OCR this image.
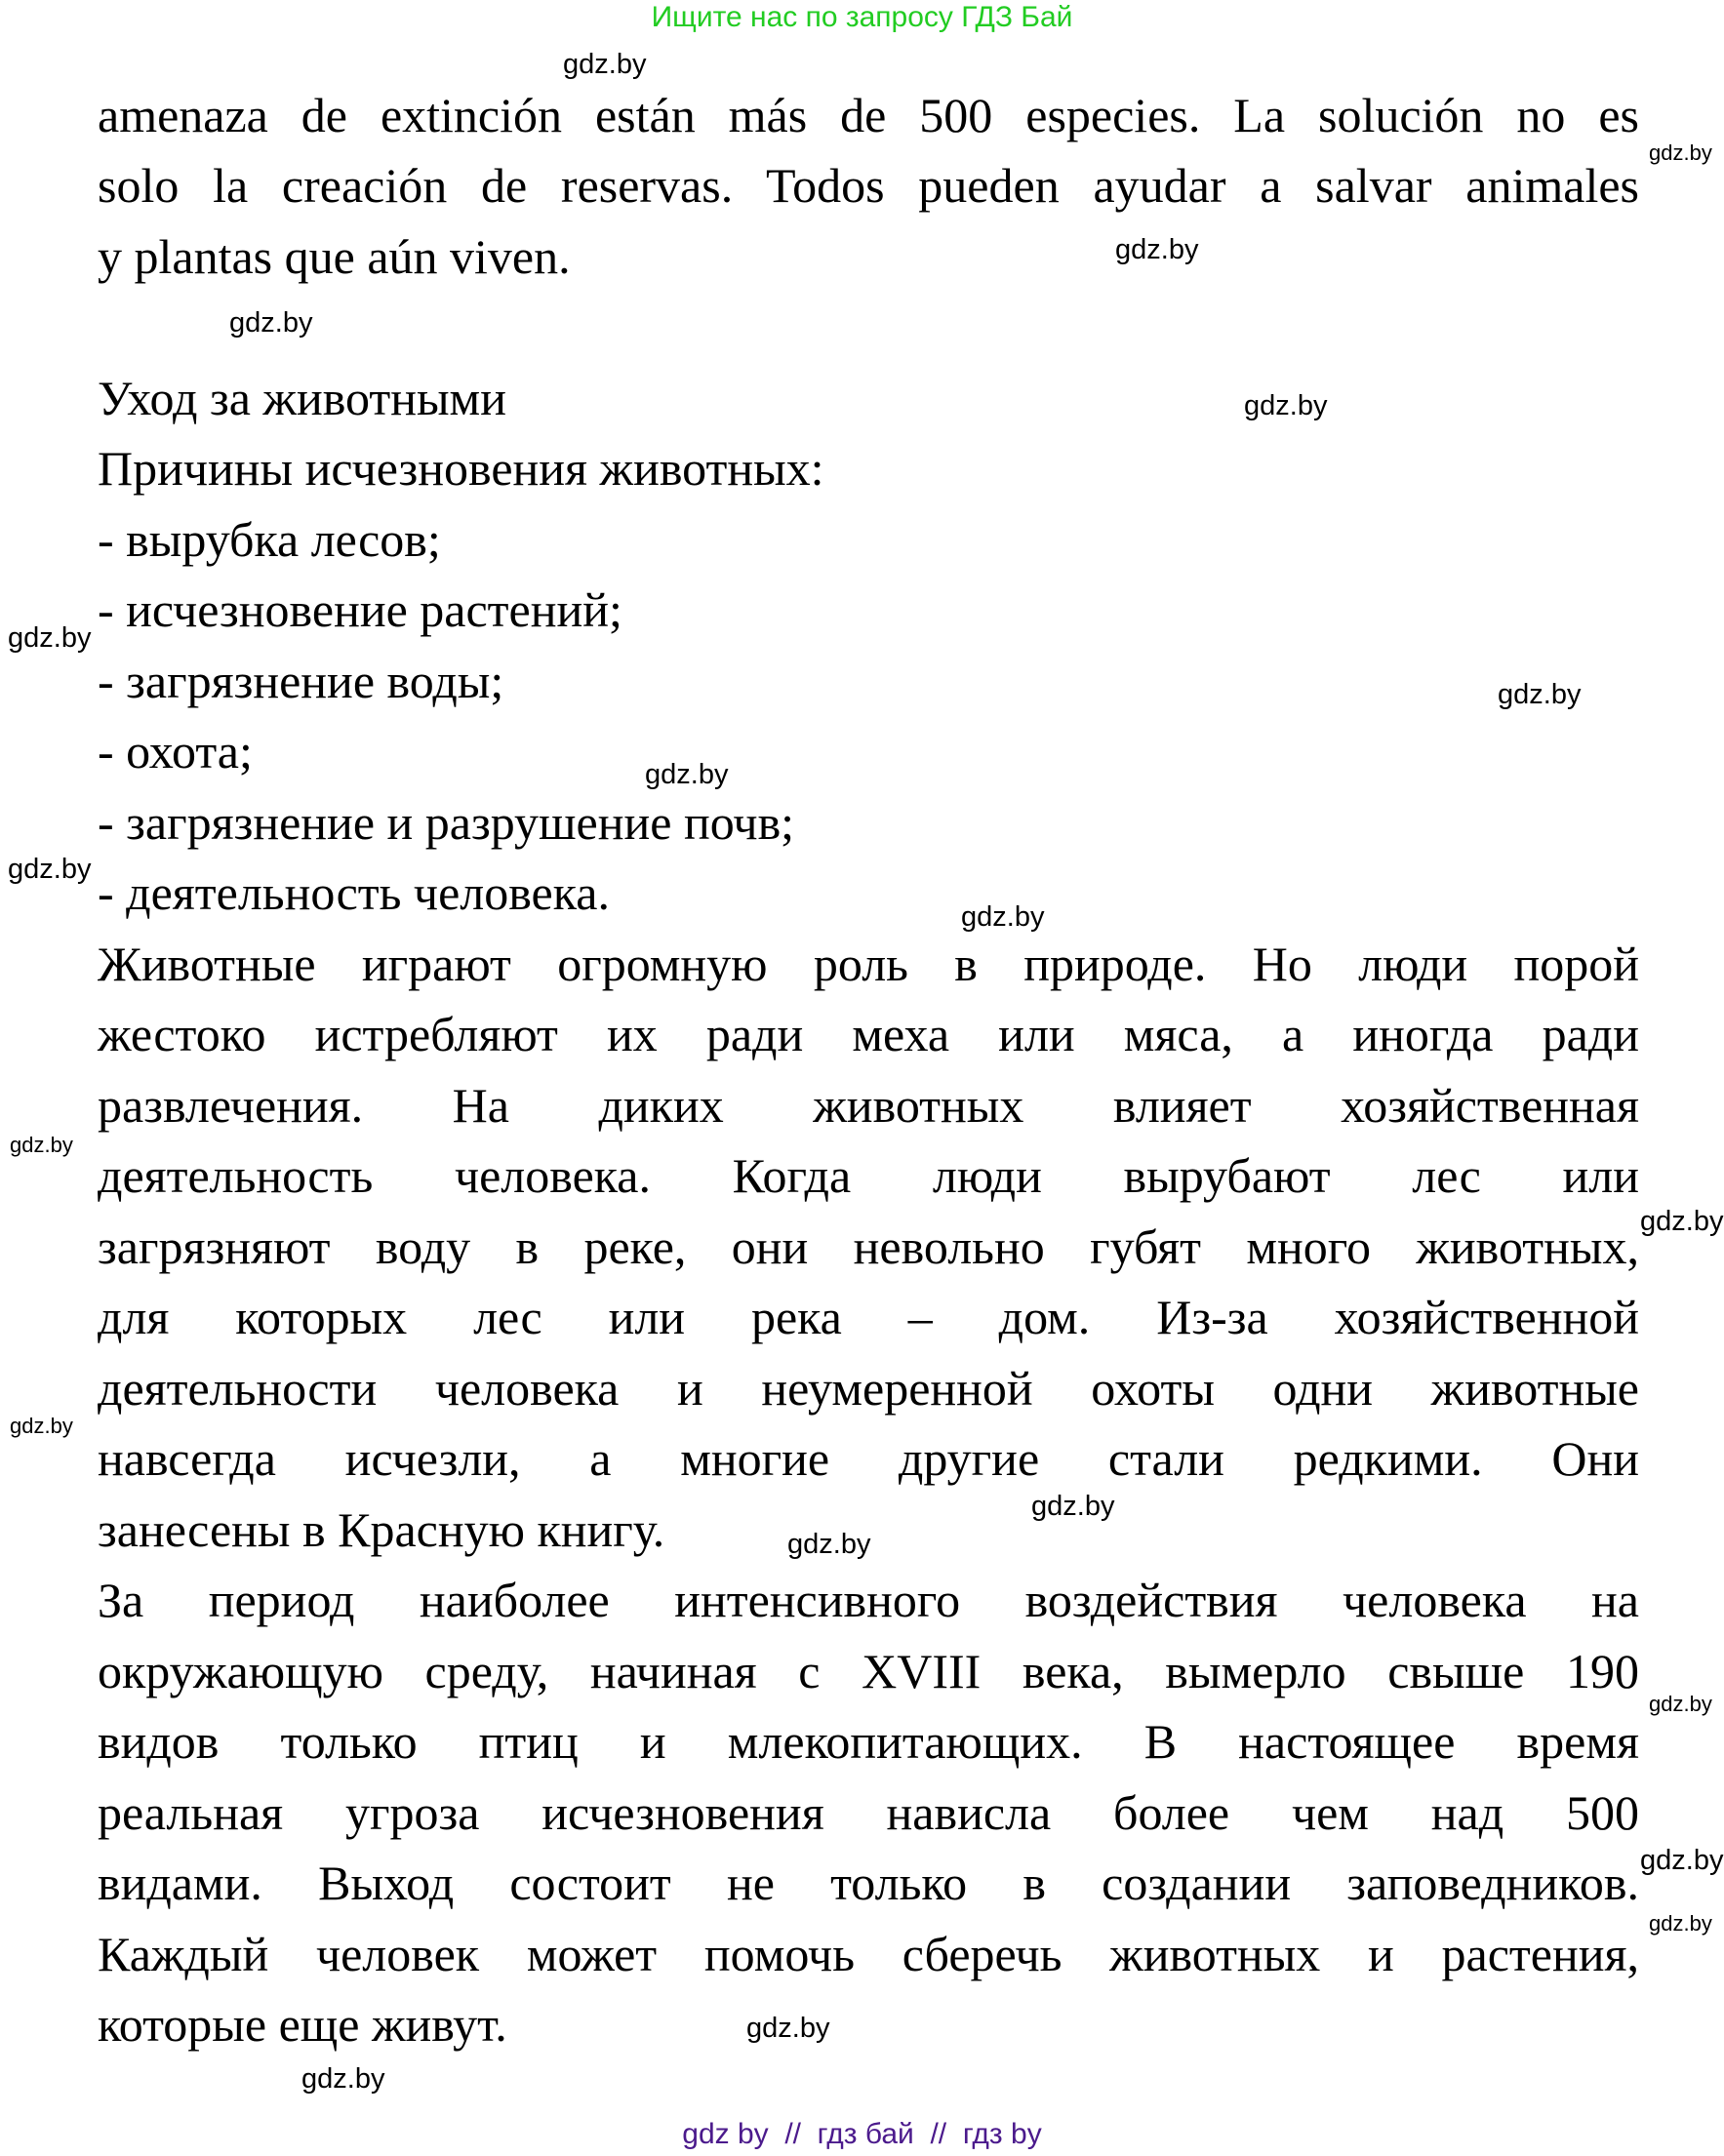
Ищите нас по запросу ГДЗ Бай
amenaza de extinción están más de 500 especies. La solución no es
solo la creación de reservas. Todos pueden ayudar a salvar animales
y plantas que aún viven.
Уход за животными
Причины исчезновения животных:
- вырубка лесов;
- исчезновение растений;
- загрязнение воды;
- охота;
- загрязнение и разрушение почв;
- деятельность человека.
Животные играют огромную роль в природе. Но люди порой
жестоко истребляют их ради меха или мяса, а иногда ради
развлечения. На диких животных влияет хозяйственная
деятельность человека. Когда люди вырубают лес или
загрязняют воду в реке, они невольно губят много животных,
для которых лес или река – дом. Из-за хозяйственной
деятельности человека и неумеренной охоты одни животные
навсегда исчезли, а многие другие стали редкими. Они
занесены в Красную книгу.
За период наиболее интенсивного воздействия человека на
окружающую среду, начиная с XVIII века, вымерло свыше 190
видов только птиц и млекопитающих. В настоящее время
реальная угроза исчезновения нависла более чем над 500
видами. Выход состоит не только в создании заповедников.
Каждый человек может помочь сберечь животных и растения,
которые еще живут.
gdz.by
gdz.by
gdz.by
gdz.by
gdz.by
gdz.by
gdz.by
gdz.by
gdz.by
gdz.by
gdz.by
gdz.by
gdz.by
gdz.by
gdz.by
gdz.by
gdz.by
gdz.by
gdz.by
gdz.by
gdz by  //  гдз бай  //  гдз by
